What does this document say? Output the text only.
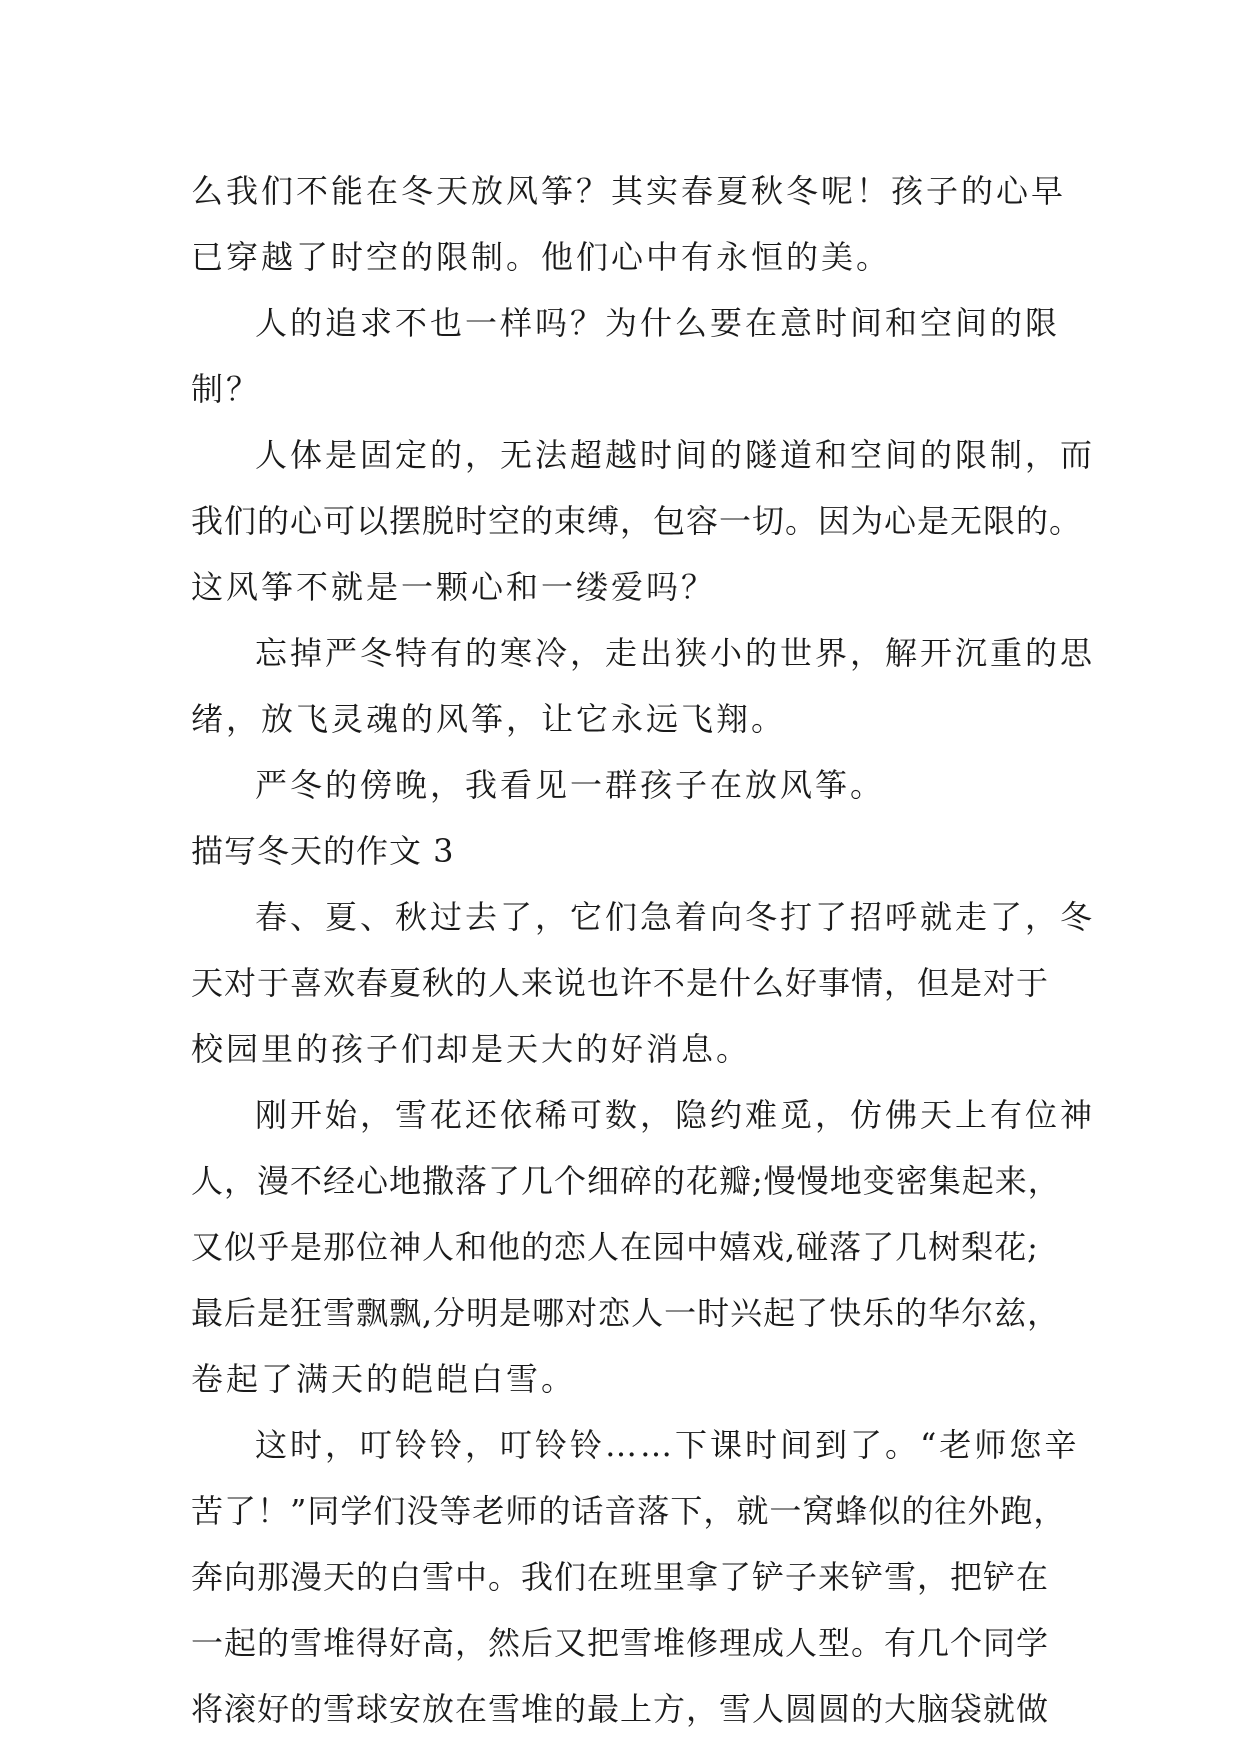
么我们不能在冬天放风筝？其实春夏秋冬呢！孩子的心早
已穿越了时空的限制。他们心中有永恒的美。
人的追求不也一样吗？为什么要在意时间和空间的限
制？
人体是固定的，无法超越时间的隧道和空间的限制，而
我们的心可以摆脱时空的束缚，包容一切。因为心是无限的。
这风筝不就是一颗心和一缕爱吗？
忘掉严冬特有的寒冷，走出狭小的世界，解开沉重的思
绪，放飞灵魂的风筝，让它永远飞翔。
严冬的傍晚，我看见一群孩子在放风筝。
描写冬天的作文 3
春、夏、秋过去了，它们急着向冬打了招呼就走了，冬
天对于喜欢春夏秋的人来说也许不是什么好事情，但是对于
校园里的孩子们却是天大的好消息。
刚开始，雪花还依稀可数，隐约难觅，仿佛天上有位神
人，漫不经心地撒落了几个细碎的花瓣;慢慢地变密集起来，
又似乎是那位神人和他的恋人在园中嬉戏,碰落了几树梨花;
最后是狂雪飘飘,分明是哪对恋人一时兴起了快乐的华尔兹，
卷起了满天的皑皑白雪。
这时，叮铃铃，叮铃铃……下课时间到了。“老师您辛
苦了！”同学们没等老师的话音落下，就一窝蜂似的往外跑，
奔向那漫天的白雪中。我们在班里拿了铲子来铲雪，把铲在
一起的雪堆得好高，然后又把雪堆修理成人型。有几个同学
将滚好的雪球安放在雪堆的最上方，雪人圆圆的大脑袋就做
